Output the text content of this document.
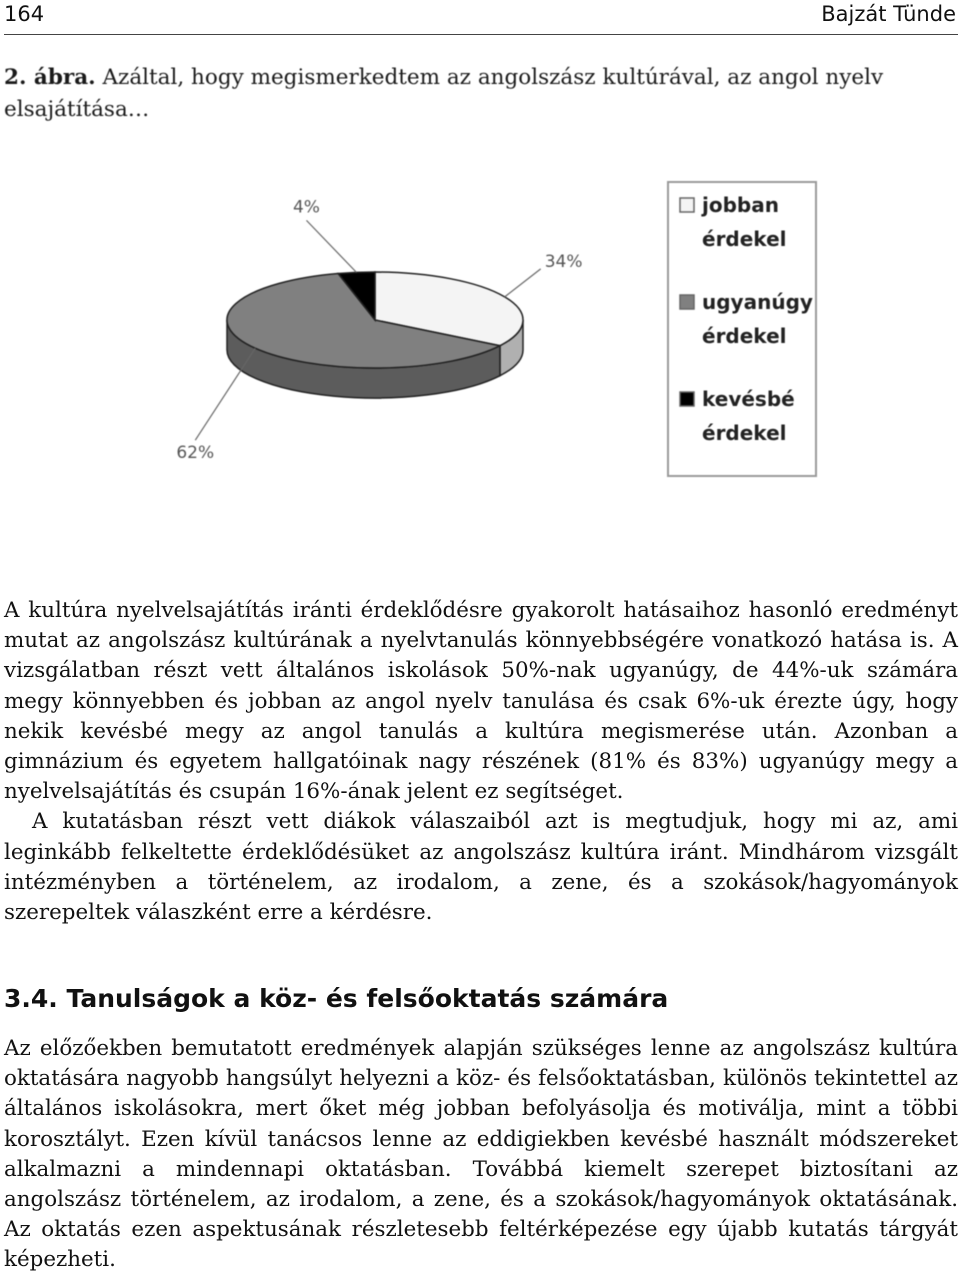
164	Bajzát Tünde
2. ábra. Azáltal, hogy megismerkedtem az angolszász kultúrával, az angol nyelv elsajátítása…
34%
62%
4%	jobban
érdekel
ugyanúgy
érdekel
kevésbé
érdekel

A kultúra nyelvelsajátítás iránti érdeklődésre gyakorolt hatásaihoz hasonló eredményt mutat az angolszász kultúrának a nyelvtanulás könnyebbségére vonatkozó hatása is. A vizsgálatban részt vett általános iskolások 50%-nak ugyanúgy, de 44%-uk számára megy könnyebben és jobban az angol nyelv tanulása és csak 6%-uk érezte úgy, hogy nekik kevésbé megy az angol tanulás a kultúra megismerése után. Azonban a gimnázium és egyetem hallgatóinak nagy részének (81% és 83%) ugyanúgy megy a nyelvelsajátítás és csupán 16%-ának jelent ez segítséget.

A kutatásban részt vett diákok válaszaiból azt is megtudjuk, hogy mi az, ami leginkább felkeltette érdeklődésüket az angolszász kultúra iránt. Mindhárom vizsgált intézményben a történelem, az irodalom, a zene, és a szokások/hagyományok szerepeltek válaszként erre a kérdésre.

3.4. Tanulságok a köz- és felsőoktatás számára

Az előzőekben bemutatott eredmények alapján szükséges lenne az angolszász kultúra oktatására nagyobb hangsúlyt helyezni a köz- és felsőoktatásban, különös tekintettel az általános iskolásokra, mert őket még jobban befolyásolja és motiválja, mint a többi korosztályt. Ezen kívül tanácsos lenne az eddigiekben kevésbé használt módszereket alkalmazni a mindennapi oktatásban. Továbbá kiemelt szerepet biztosítani az angolszász történelem, az irodalom, a zene, és a szokások/hagyományok oktatásának. Az oktatás ezen aspektusának részletesebb feltérképezése egy újabb kutatás tárgyát képezheti.
